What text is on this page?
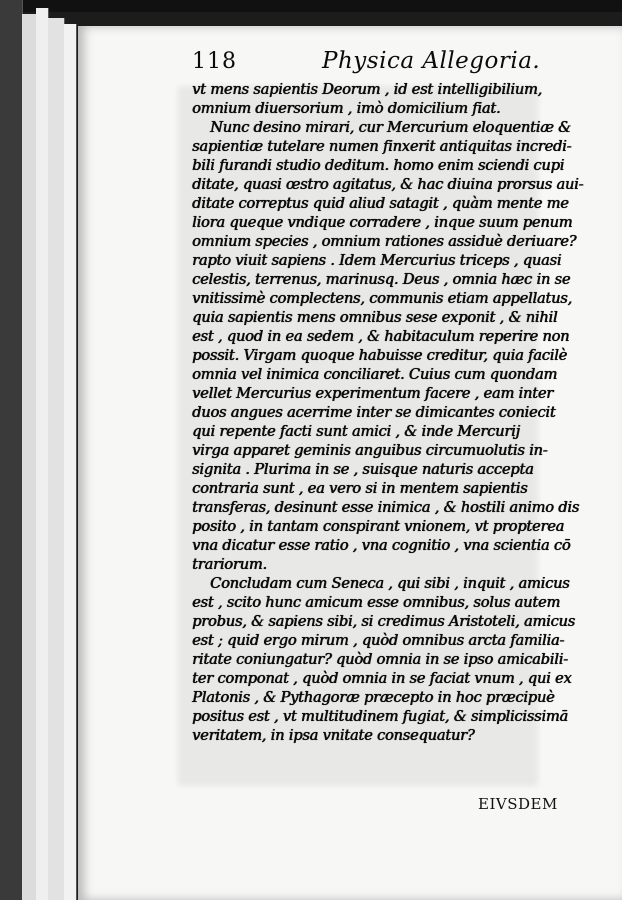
118	Physica Allegoria.
vt mens sapientis Deorum , id est intelligibilium,
omnium diuersorium , imò domicilium fiat.
Nunc desino mirari, cur Mercurium eloquentiæ &
sapientiæ tutelare numen finxerit antiquitas incredi-
bili furandi studio deditum. homo enim sciendi cupi
ditate, quasi œstro agitatus, & hac diuina prorsus aui-
ditate correptus quid aliud satagit , quàm mente me
liora queque vndique corradere , inque suum penum
omnium species , omnium rationes assiduè deriuare?
rapto viuit sapiens . Idem Mercurius triceps , quasi
celestis, terrenus, marinusq. Deus , omnia hæc in se
vnitissimè complectens, communis etiam appellatus,
quia sapientis mens omnibus sese exponit , & nihil
est , quod in ea sedem , & habitaculum reperire non
possit. Virgam quoque habuisse creditur, quia facilè
omnia vel inimica conciliaret. Cuius cum quondam
vellet Mercurius experimentum facere , eam inter
duos angues acerrime inter se dimicantes coniecit
qui repente facti sunt amici , & inde Mercurij
virga apparet geminis anguibus circumuolutis in-
signita . Plurima in se , suisque naturis accepta
contraria sunt , ea vero si in mentem sapientis
transferas, desinunt esse inimica , & hostili animo dis
posito , in tantam conspirant vnionem, vt propterea
vna dicatur esse ratio , vna cognitio , vna scientia cō
trariorum.
Concludam cum Seneca , qui sibi , inquit , amicus
est , scito hunc amicum esse omnibus, solus autem
probus, & sapiens sibi, si credimus Aristoteli, amicus
est ; quid ergo mirum , quòd omnibus arcta familia-
ritate coniungatur? quòd omnia in se ipso amicabili-
ter componat , quòd omnia in se faciat vnum , qui ex
Platonis , & Pythagoræ præcepto in hoc præcipuè
positus est , vt multitudinem fugiat, & simplicissimā
veritatem, in ipsa vnitate consequatur?
EIVSDEM
